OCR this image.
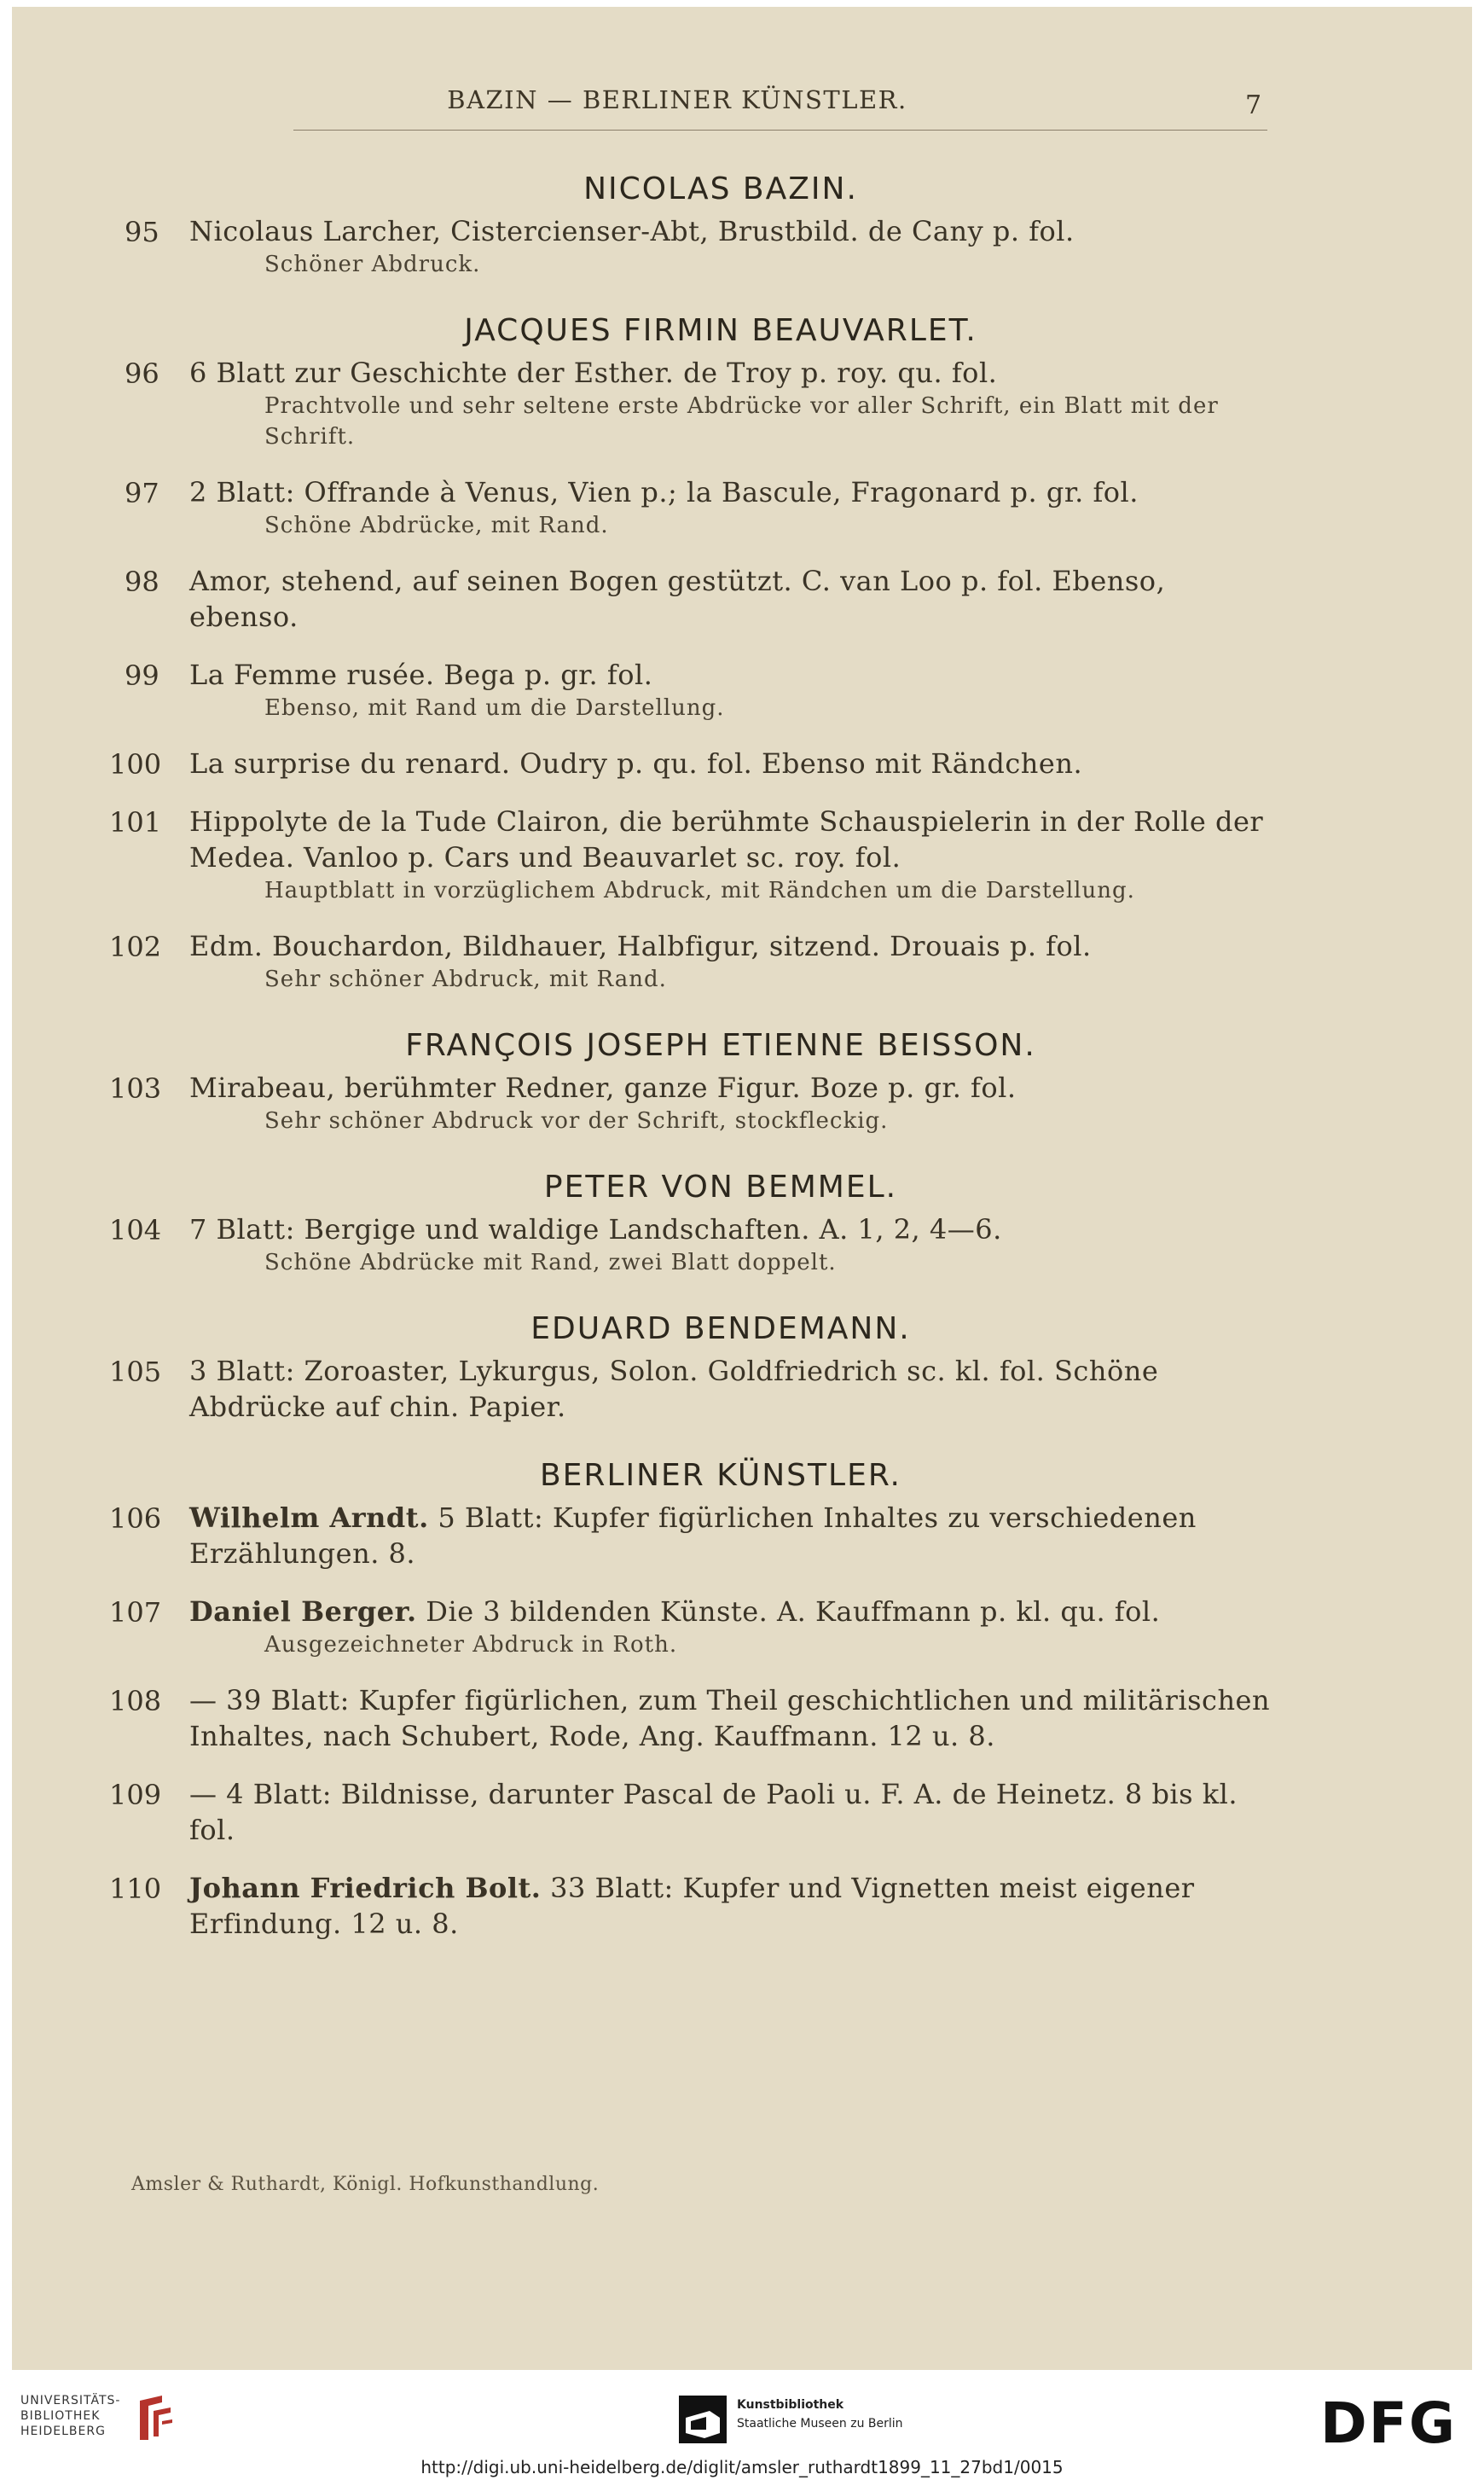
BAZIN — BERLINER KÜNSTLER.	7
NICOLAS BAZIN.
95	Nicolaus Larcher, Cistercienser-Abt, Brustbild. de Cany p. fol.
Schöner Abdruck.
JACQUES FIRMIN BEAUVARLET.
96	6 Blatt zur Geschichte der Esther. de Troy p. roy. qu. fol.
Prachtvolle und sehr seltene erste Abdrücke vor aller Schrift, ein Blatt mit der Schrift.
97	2 Blatt: Offrande à Venus, Vien p.; la Bascule, Fragonard p. gr. fol.
Schöne Abdrücke, mit Rand.
98	Amor, stehend, auf seinen Bogen gestützt. C. van Loo p. fol. Ebenso, ebenso.
99	La Femme rusée. Bega p. gr. fol.
Ebenso, mit Rand um die Darstellung.
100 La surprise du renard. Oudry p. qu. fol. Ebenso mit Rändchen.
101 Hippolyte de la Tude Clairon, die berühmte Schauspielerin in der Rolle der Medea. Vanloo p. Cars und Beauvarlet sc. roy. fol.
Hauptblatt in vorzüglichem Abdruck, mit Rändchen um die Darstellung.
102 Edm. Bouchardon, Bildhauer, Halbfigur, sitzend. Drouais p. fol.
Sehr schöner Abdruck, mit Rand.
FRANÇOIS JOSEPH ETIENNE BEISSON.
103 Mirabeau, berühmter Redner, ganze Figur. Boze p. gr. fol.
Sehr schöner Abdruck vor der Schrift, stockfleckig.
PETER VON BEMMEL.
104 7 Blatt: Bergige und waldige Landschaften. A. 1, 2, 4—6.
Schöne Abdrücke mit Rand, zwei Blatt doppelt.
EDUARD BENDEMANN.
105 3 Blatt: Zoroaster, Lykurgus, Solon. Goldfriedrich sc. kl. fol. Schöne Abdrücke auf chin. Papier.
BERLINER KÜNSTLER.
106 Wilhelm Arndt. 5 Blatt: Kupfer figürlichen Inhaltes zu verschiedenen Erzählungen. 8.
107 Daniel Berger. Die 3 bildenden Künste. A. Kauffmann p. kl. qu. fol.
Ausgezeichneter Abdruck in Roth.
108 — 39 Blatt: Kupfer figürlichen, zum Theil geschichtlichen und militärischen Inhaltes, nach Schubert, Rode, Ang. Kauffmann. 12 u. 8.
109 — 4 Blatt: Bildnisse, darunter Pascal de Paoli u. F. A. de Heinetz. 8 bis kl. fol.
110 Johann Friedrich Bolt. 33 Blatt: Kupfer und Vignetten meist eigener Erfindung. 12 u. 8.
Amsler & Ruthardt, Königl. Hofkunsthandlung.
UNIVERSITÄTS-
BIBLIOTHEK
HEIDELBERG
Kunstbibliothek
Staatliche Museen zu Berlin	DFG
http://digi.ub.uni-heidelberg.de/diglit/amsler_ruthardt1899_11_27bd1/0015
